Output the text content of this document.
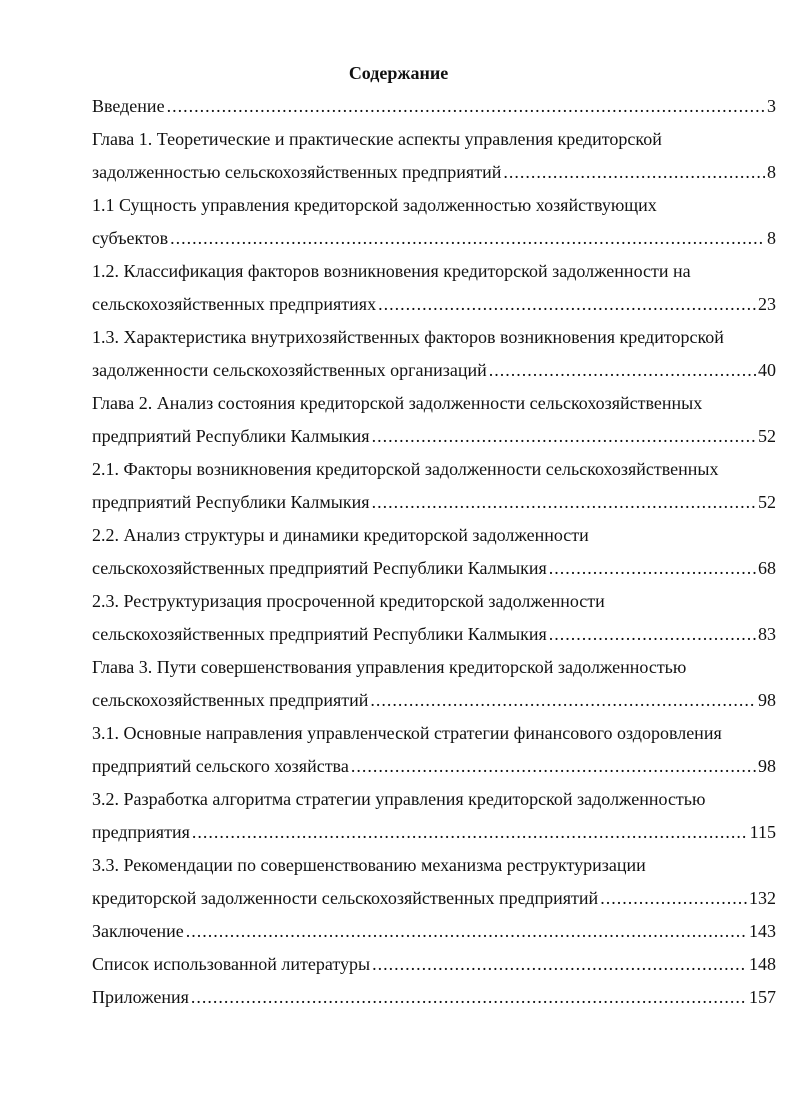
Содержание
Введение .....	3
Глава 1. Теоретические и практические аспекты управления кредиторской
задолженностью сельскохозяйственных предприятий .....	8
1.1 Сущность управления кредиторской задолженностью хозяйствующих
субъектов .....	8
1.2. Классификация факторов возникновения кредиторской задолженности на
сельскохозяйственных предприятиях .....	23
1.3. Характеристика внутрихозяйственных факторов возникновения кредиторской
задолженности сельскохозяйственных организаций .....	40
Глава 2. Анализ состояния кредиторской задолженности сельскохозяйственных
предприятий Республики Калмыкия .....	52
2.1. Факторы возникновения кредиторской задолженности сельскохозяйственных
предприятий Республики Калмыкия .....	52
2.2. Анализ структуры и динамики кредиторской задолженности
сельскохозяйственных предприятий Республики Калмыкия .....	68
2.3. Реструктуризация просроченной кредиторской задолженности
сельскохозяйственных предприятий Республики Калмыкия .....	83
Глава 3. Пути совершенствования управления кредиторской задолженностью
сельскохозяйственных предприятий .....	98
3.1. Основные направления управленческой стратегии финансового оздоровления
предприятий сельского хозяйства .....	98
3.2. Разработка алгоритма стратегии управления кредиторской задолженностью
предприятия .....	115
3.3. Рекомендации по совершенствованию механизма реструктуризации
кредиторской задолженности сельскохозяйственных предприятий .....	132
Заключение .....	143
Список использованной литературы .....	148
Приложения .....	157
